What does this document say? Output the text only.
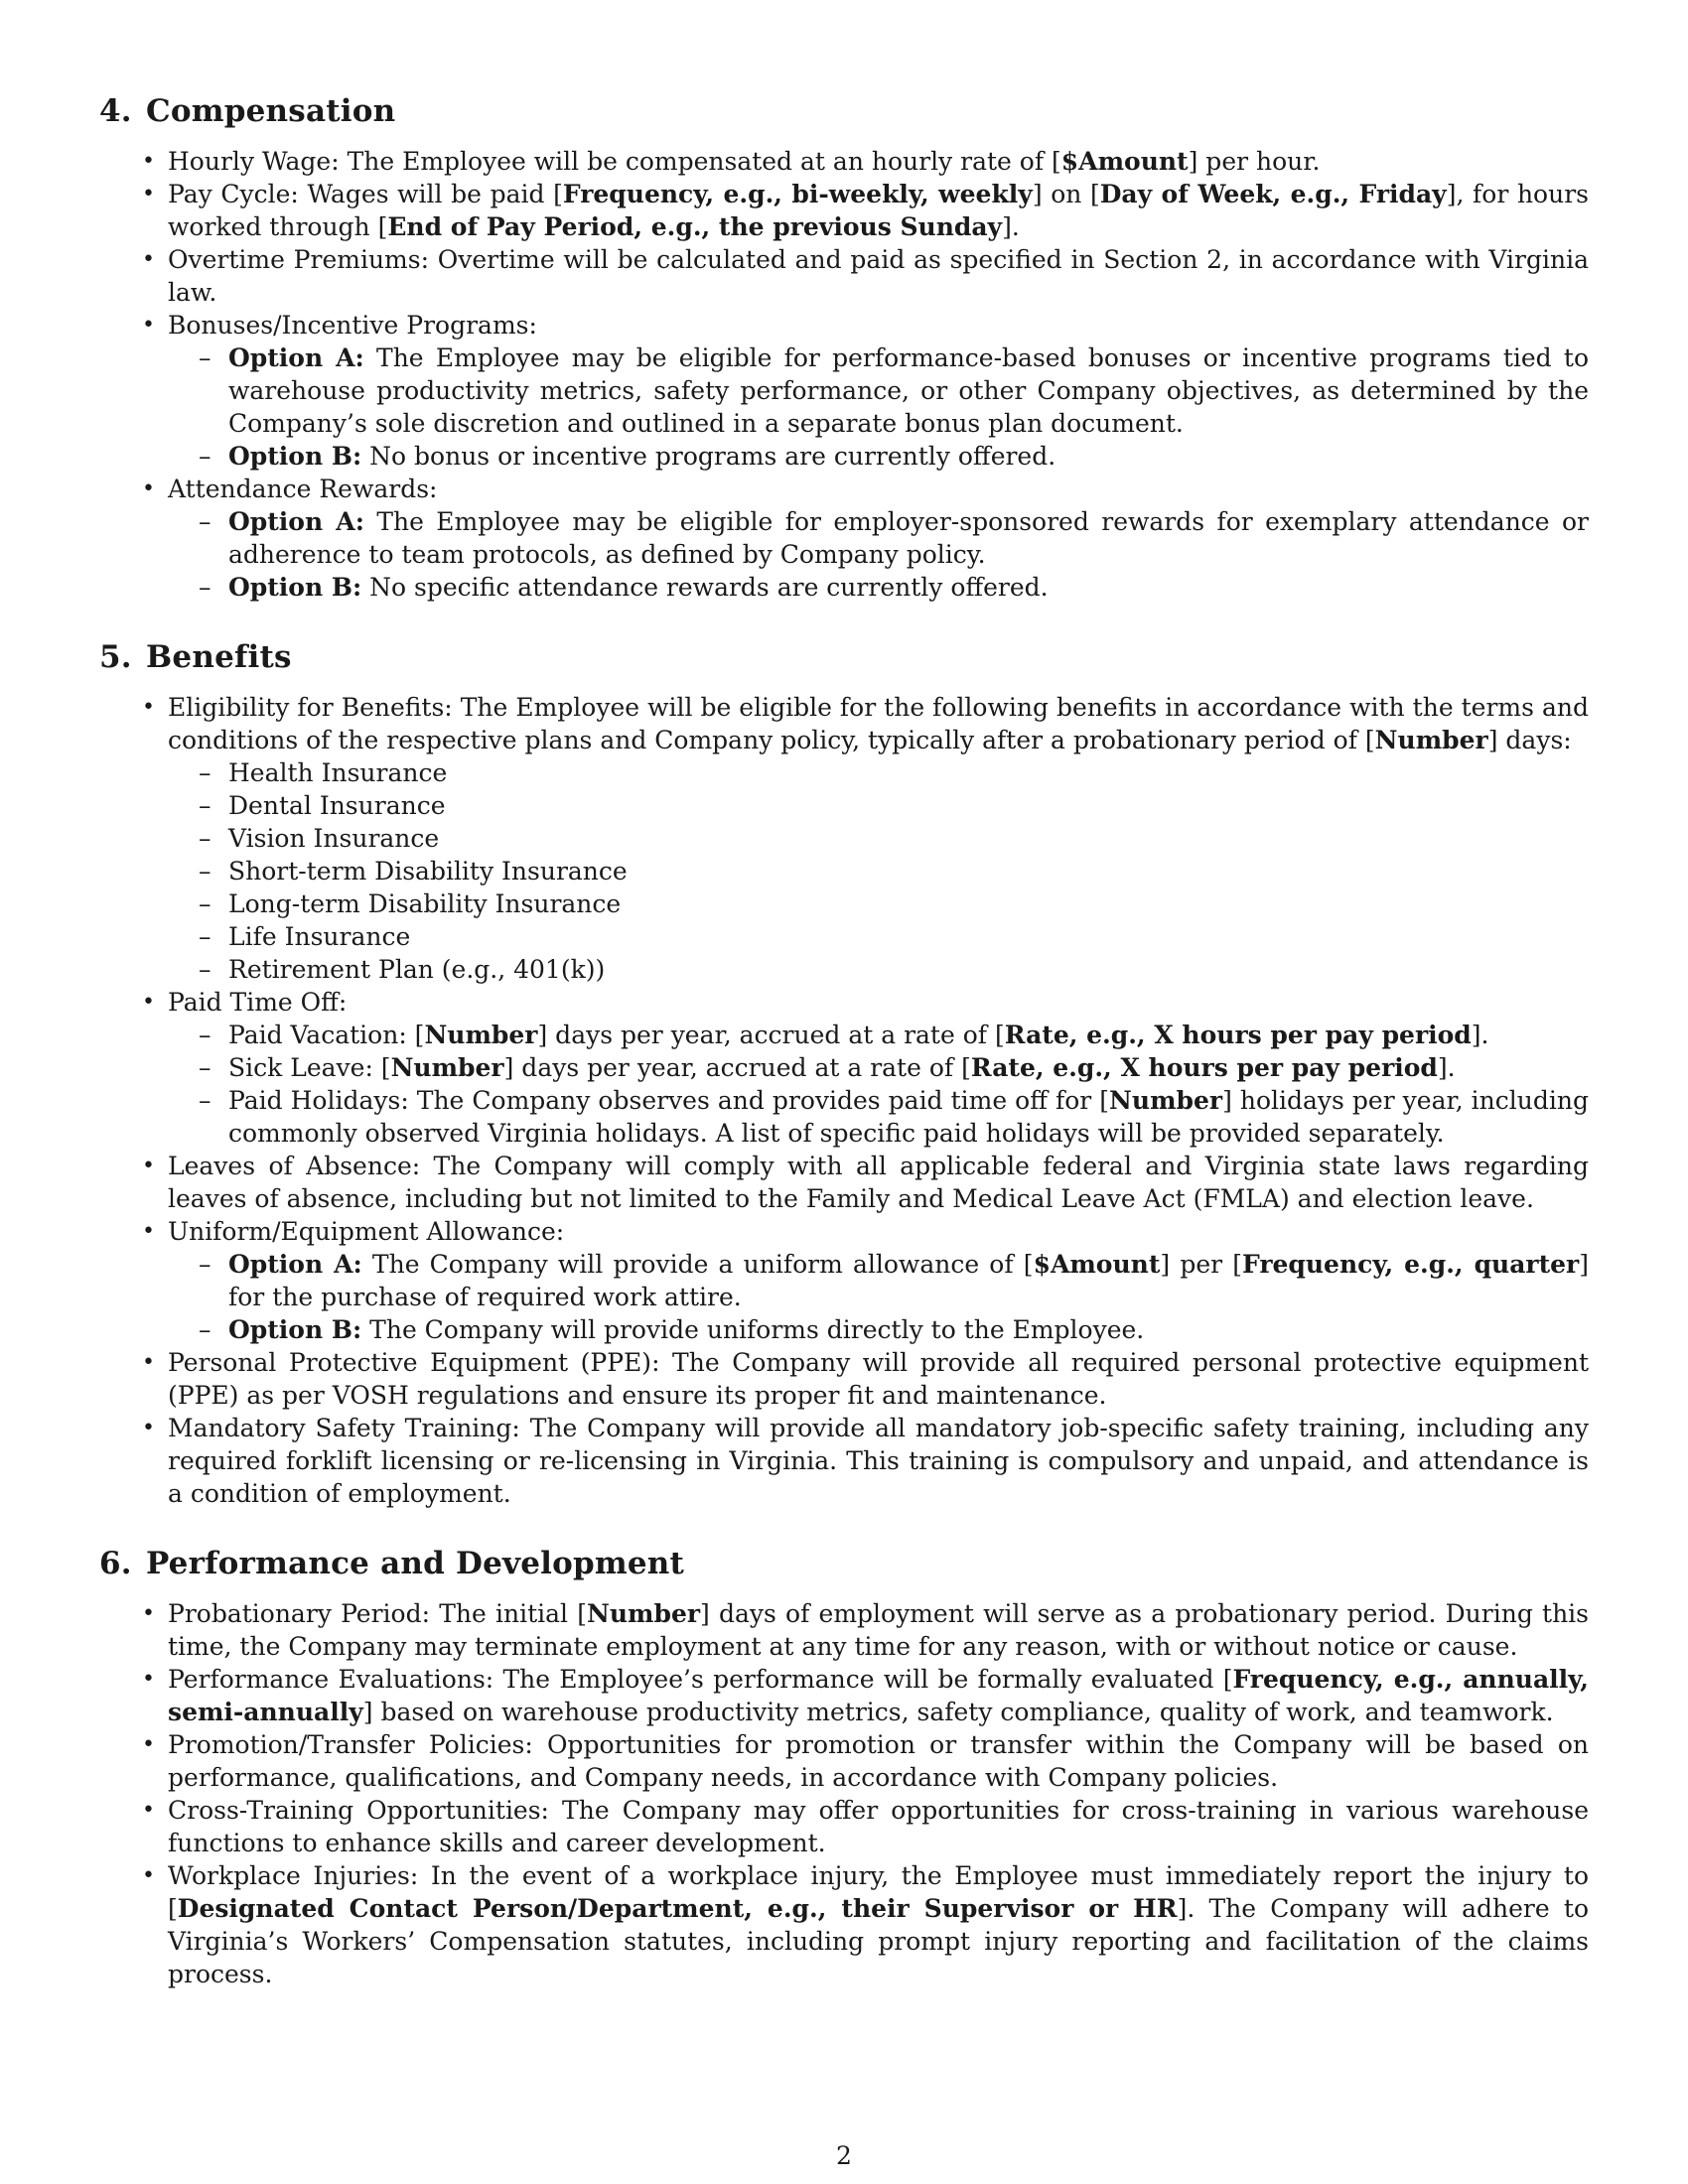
4. Compensation
• Hourly Wage: The Employee will be compensated at an hourly rate of [$Amount] per hour.
• Pay Cycle: Wages will be paid [Frequency, e.g., bi-weekly, weekly] on [Day of Week, e.g., Friday], for hours worked through [End of Pay Period, e.g., the previous Sunday].
• Overtime Premiums: Overtime will be calculated and paid as specified in Section 2, in accordance with Virginia law.
• Bonuses/Incentive Programs:
– Option A: The Employee may be eligible for performance-based bonuses or incentive programs tied to warehouse productivity metrics, safety performance, or other Company objectives, as determined by the Company’s sole discretion and outlined in a separate bonus plan document.
– Option B: No bonus or incentive programs are currently offered.
• Attendance Rewards:
– Option A: The Employee may be eligible for employer-sponsored rewards for exemplary attendance or adherence to team protocols, as defined by Company policy.
– Option B: No specific attendance rewards are currently offered.
5. Benefits
• Eligibility for Benefits: The Employee will be eligible for the following benefits in accordance with the terms and conditions of the respective plans and Company policy, typically after a probationary period of [Number] days:
– Health Insurance
– Dental Insurance
– Vision Insurance
– Short-term Disability Insurance
– Long-term Disability Insurance
– Life Insurance
– Retirement Plan (e.g., 401(k))
• Paid Time Off:
– Paid Vacation: [Number] days per year, accrued at a rate of [Rate, e.g., X hours per pay period].
– Sick Leave: [Number] days per year, accrued at a rate of [Rate, e.g., X hours per pay period].
– Paid Holidays: The Company observes and provides paid time off for [Number] holidays per year, including commonly observed Virginia holidays. A list of specific paid holidays will be provided separately.
• Leaves of Absence: The Company will comply with all applicable federal and Virginia state laws regarding leaves of absence, including but not limited to the Family and Medical Leave Act (FMLA) and election leave.
• Uniform/Equipment Allowance:
– Option A: The Company will provide a uniform allowance of [$Amount] per [Frequency, e.g., quarter] for the purchase of required work attire.
– Option B: The Company will provide uniforms directly to the Employee.
• Personal Protective Equipment (PPE): The Company will provide all required personal protective equipment (PPE) as per VOSH regulations and ensure its proper fit and maintenance.
• Mandatory Safety Training: The Company will provide all mandatory job-specific safety training, including any required forklift licensing or re-licensing in Virginia. This training is compulsory and unpaid, and attendance is a condition of employment.
6. Performance and Development
• Probationary Period: The initial [Number] days of employment will serve as a probationary period. During this time, the Company may terminate employment at any time for any reason, with or without notice or cause.
• Performance Evaluations: The Employee’s performance will be formally evaluated [Frequency, e.g., annually, semi-annually] based on warehouse productivity metrics, safety compliance, quality of work, and teamwork.
• Promotion/Transfer Policies: Opportunities for promotion or transfer within the Company will be based on performance, qualifications, and Company needs, in accordance with Company policies.
• Cross-Training Opportunities: The Company may offer opportunities for cross-training in various warehouse functions to enhance skills and career development.
• Workplace Injuries: In the event of a workplace injury, the Employee must immediately report the injury to [Designated Contact Person/Department, e.g., their Supervisor or HR]. The Company will adhere to Virginia’s Workers’ Compensation statutes, including prompt injury reporting and facilitation of the claims process.
2
